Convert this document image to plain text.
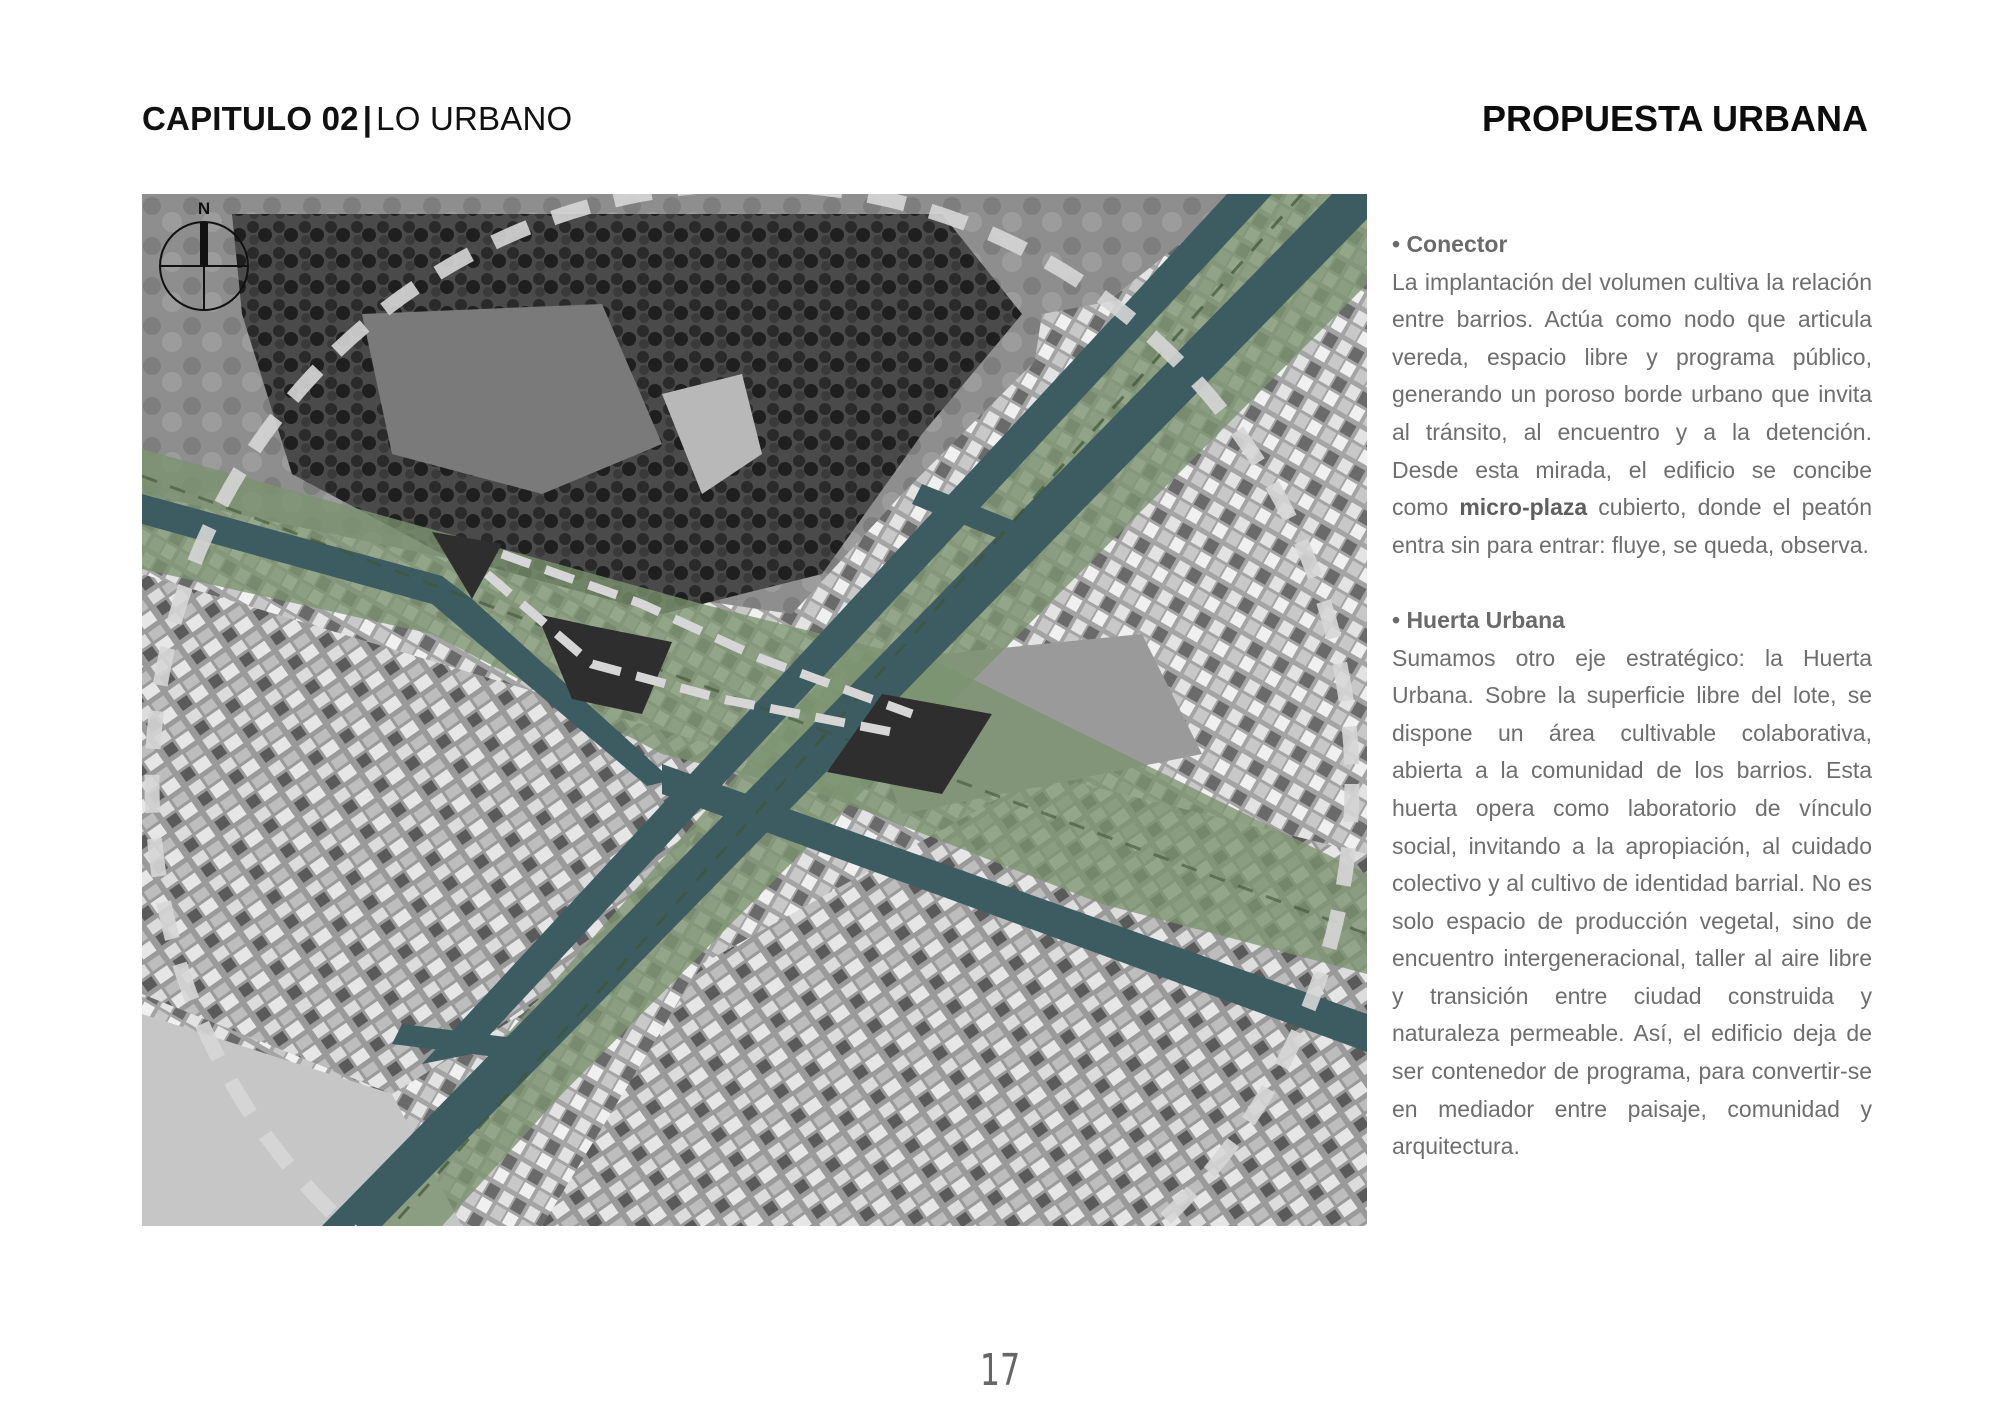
CAPITULO 02 | LO URBANO	PROPUESTA URBANA
N
• Conector

La implantación del volumen cultiva la relación entre barrios. Actúa como nodo que articula vereda, espacio libre y programa público, generando un poroso borde urbano que invita al tránsito, al encuentro y a la detención. Desde esta mirada, el edificio se concibe como micro-plaza cubierto, donde el peatón entra sin para entrar: fluye, se queda, observa.

• Huerta Urbana

Sumamos otro eje estratégico: la Huerta Urbana. Sobre la superficie libre del lote, se dispone un área cultivable colaborativa, abierta a la comunidad de los barrios. Esta huerta opera como laboratorio de vínculo social, invitando a la apropiación, al cuidado colectivo y al cultivo de identidad barrial. No es solo espacio de producción vegetal, sino de encuentro intergeneracional, taller al aire libre y transición entre ciudad construida y naturaleza permeable. Así, el edificio deja de ser contenedor de programa, para convertir-se en mediador entre paisaje, comunidad y arquitectura.

17
